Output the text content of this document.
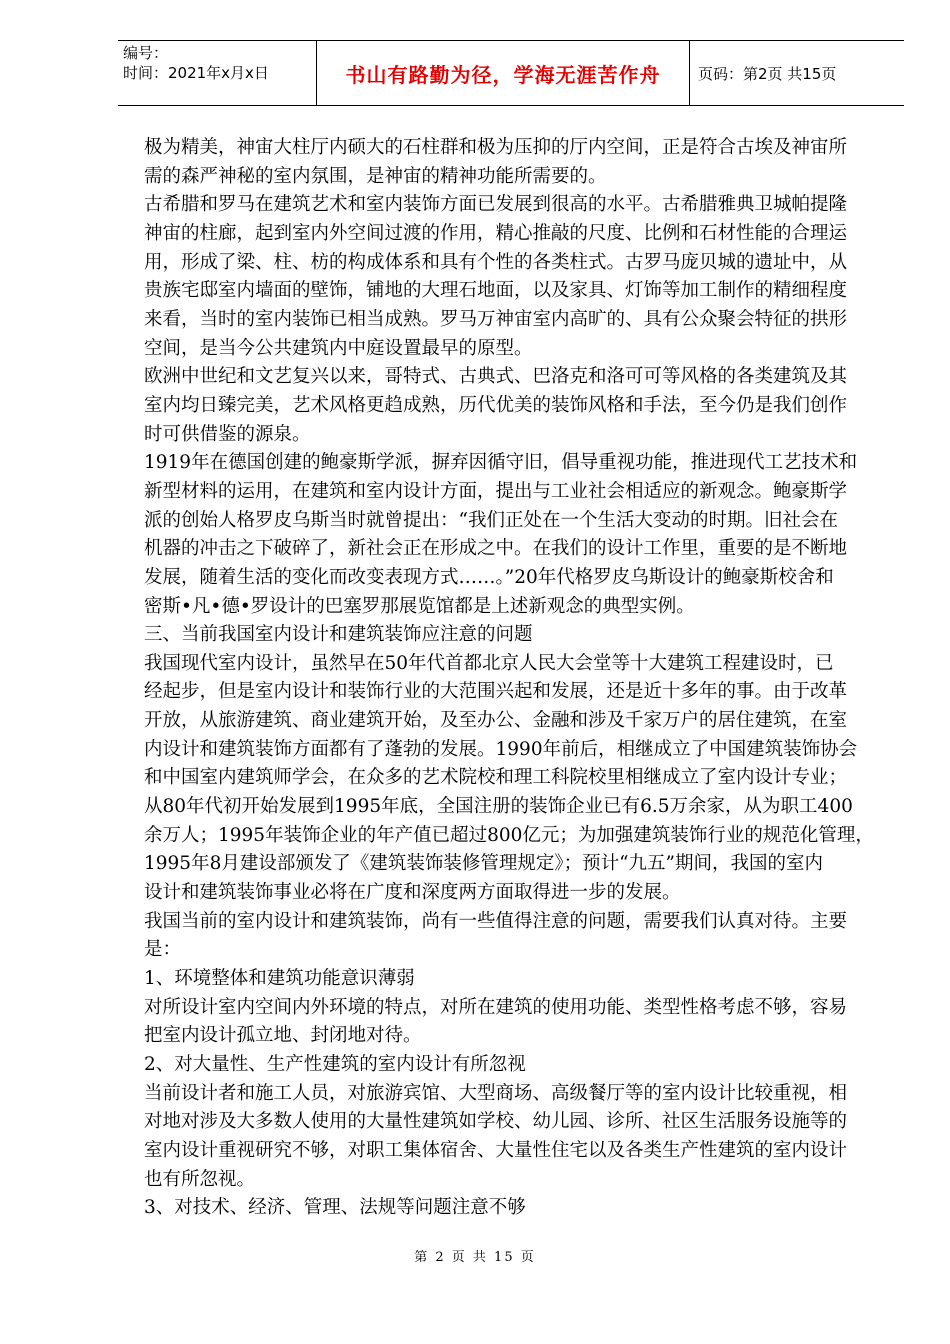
编号：
时间：2021年x月x日	书山有路勤为径，学海无涯苦作舟	页码：第2页 共15页

极为精美，神宙大柱厅内硕大的石柱群和极为压抑的厅内空间，正是符合古埃及神宙所

需的森严神秘的室内氛围，是神宙的精神功能所需要的。

古希腊和罗马在建筑艺术和室内装饰方面已发展到很高的水平。古希腊雅典卫城帕提隆

神宙的柱廊，起到室内外空间过渡的作用，精心推敲的尺度、比例和石材性能的合理运

用，形成了梁、柱、枋的构成体系和具有个性的各类柱式。古罗马庞贝城的遗址中，从

贵族宅邸室内墙面的壁饰，铺地的大理石地面，以及家具、灯饰等加工制作的精细程度

来看，当时的室内装饰已相当成熟。罗马万神宙室内高旷的、具有公众聚会特征的拱形

空间，是当今公共建筑内中庭设置最早的原型。

欧洲中世纪和文艺复兴以来，哥特式、古典式、巴洛克和洛可可等风格的各类建筑及其

室内均日臻完美，艺术风格更趋成熟，历代优美的装饰风格和手法，至今仍是我们创作

时可供借鉴的源泉。

1919年在德国创建的鲍豪斯学派，摒弃因循守旧，倡导重视功能，推进现代工艺技术和

新型材料的运用，在建筑和室内设计方面，提出与工业社会相适应的新观念。鲍豪斯学

派的创始人格罗皮乌斯当时就曾提出：“我们正处在一个生活大变动的时期。旧社会在

机器的冲击之下破碎了，新社会正在形成之中。在我们的设计工作里，重要的是不断地

发展，随着生活的变化而改变表现方式……。”20年代格罗皮乌斯设计的鲍豪斯校舍和

密斯•凡•德•罗设计的巴塞罗那展览馆都是上述新观念的典型实例。

三、当前我国室内设计和建筑装饰应注意的问题

我国现代室内设计，虽然早在50年代首都北京人民大会堂等十大建筑工程建设时，已

经起步，但是室内设计和装饰行业的大范围兴起和发展，还是近十多年的事。由于改革

开放，从旅游建筑、商业建筑开始，及至办公、金融和涉及千家万户的居住建筑，在室

内设计和建筑装饰方面都有了蓬勃的发展。1990年前后，相继成立了中国建筑装饰协会

和中国室内建筑师学会，在众多的艺术院校和理工科院校里相继成立了室内设计专业；

从80年代初开始发展到1995年底，全国注册的装饰企业已有6.5万余家，从为职工400

余万人；1995年装饰企业的年产值已超过800亿元；为加强建筑装饰行业的规范化管理，

1995年8月建设部颁发了《建筑装饰装修管理规定》；预计“九五”期间，我国的室内

设计和建筑装饰事业必将在广度和深度两方面取得进一步的发展。

我国当前的室内设计和建筑装饰，尚有一些值得注意的问题，需要我们认真对待。主要

是：

1、环境整体和建筑功能意识薄弱

对所设计室内空间内外环境的特点，对所在建筑的使用功能、类型性格考虑不够，容易

把室内设计孤立地、封闭地对待。

2、对大量性、生产性建筑的室内设计有所忽视

当前设计者和施工人员，对旅游宾馆、大型商场、高级餐厅等的室内设计比较重视，相

对地对涉及大多数人使用的大量性建筑如学校、幼儿园、诊所、社区生活服务设施等的

室内设计重视研究不够，对职工集体宿舍、大量性住宅以及各类生产性建筑的室内设计

也有所忽视。

3、对技术、经济、管理、法规等问题注意不够

第 2 页 共 15 页
